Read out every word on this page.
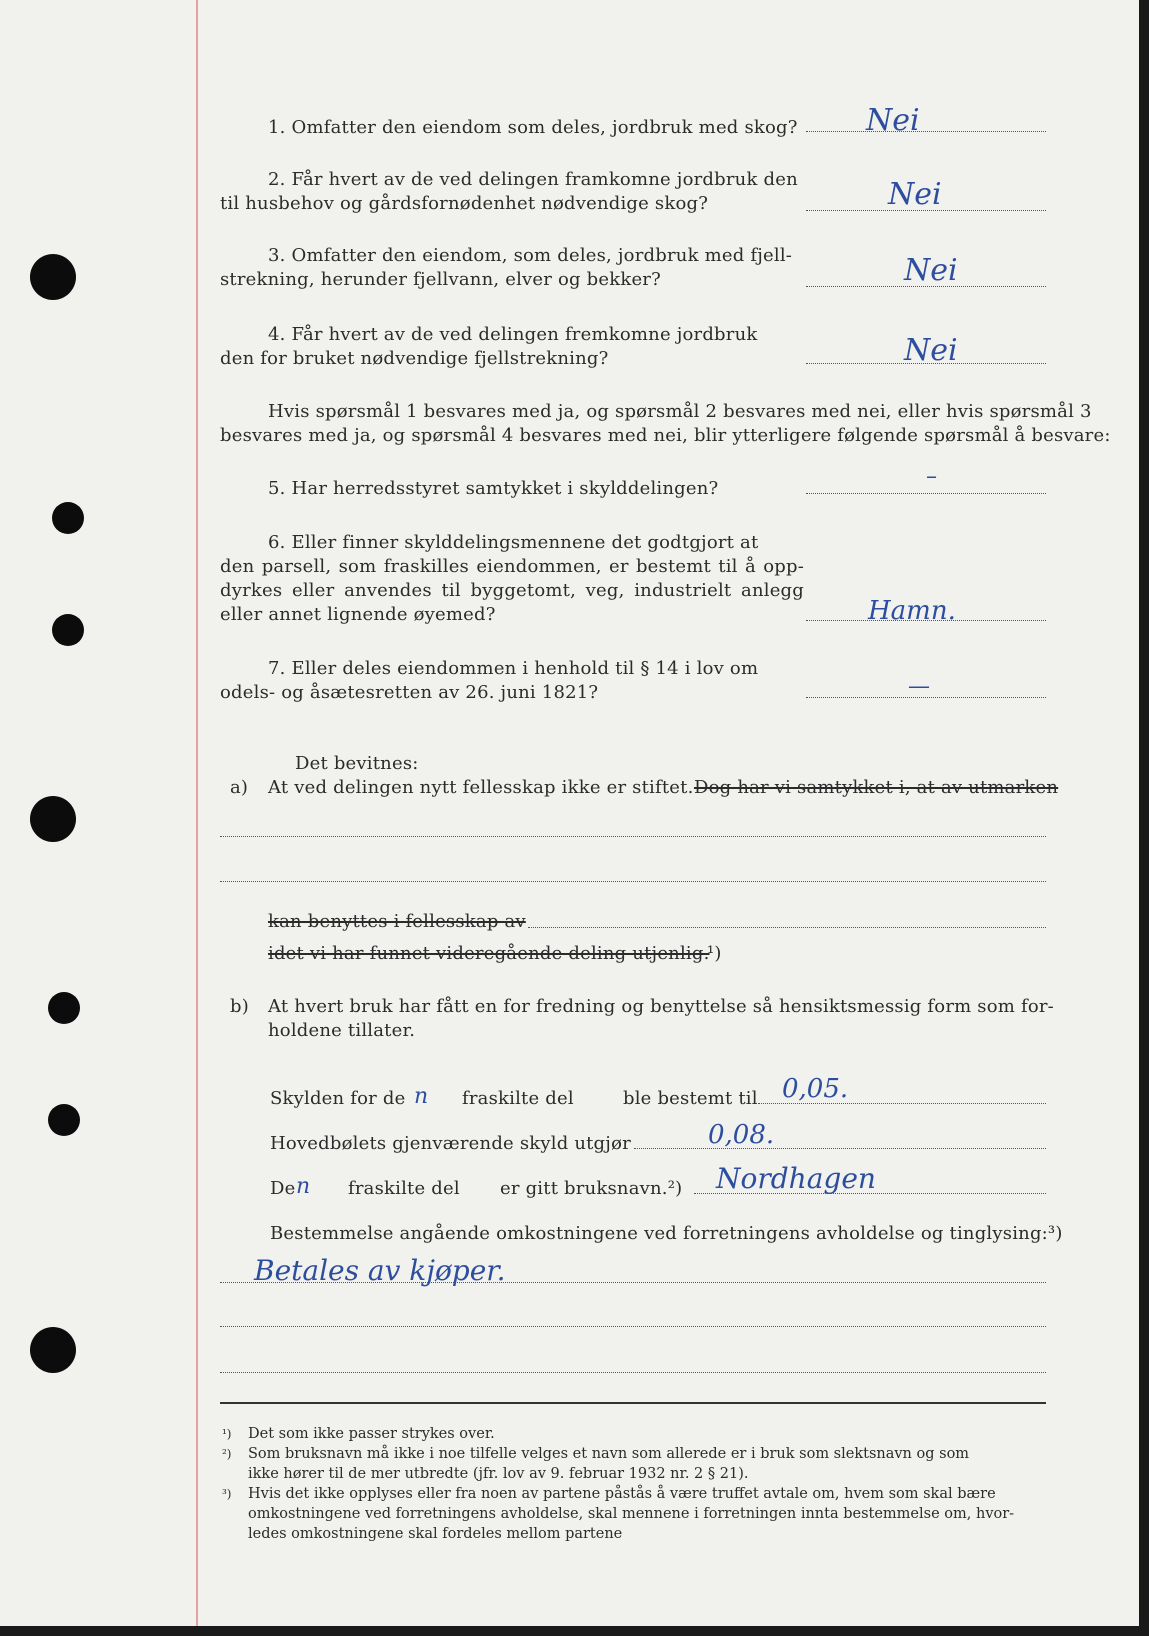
1. Omfatter den eiendom som deles, jordbruk med skog? Nei
2. Får hvert av de ved delingen framkomne jordbruk den
til husbehov og gårdsfornødenhet nødvendige skog?	Nei
3. Omfatter den eiendom, som deles, jordbruk med fjell-
strekning, herunder fjellvann, elver og bekker?	Nei
4. Får hvert av de ved delingen fremkomne jordbruk
den for bruket nødvendige fjellstrekning?	Nei
Hvis spørsmål 1 besvares med ja, og spørsmål 2 besvares med nei, eller hvis spørsmål 3
besvares med ja, og spørsmål 4 besvares med nei, blir ytterligere følgende spørsmål å besvare:
5. Har herredsstyret samtykket i skylddelingen?	–
6. Eller finner skylddelingsmennene det godtgjort at
den parsell, som fraskilles eiendommen, er bestemt til å opp-
dyrkes eller anvendes til byggetomt, veg, industrielt anlegg
eller annet lignende øyemed?	Hamn.
7. Eller deles eiendommen i henhold til § 14 i lov om
odels- og åsætesretten av 26. juni 1821?	—
Det bevitnes:
a) At ved delingen nytt fellesskap ikke er stiftet. Dog har vi samtykket i, at av utmarken
kan benyttes i fellesskap av
idet vi har funnet videregående deling utjenlig.
¹)
b) At hvert bruk har fått en for fredning og benyttelse så hensiktsmessig form som for-
holdene tillater.
Skylden for de n fraskilte del	ble bestemt til 0,05.
Hovedbølets gjenværende skyld utgjør	0,08.
De n fraskilte del er gitt bruksnavn.²) Nordhagen
Bestemmelse angående omkostningene ved forretningens avholdelse og tinglysing:³)
Betales av kjøper.
¹) Det som ikke passer strykes over.
²) Som bruksnavn må ikke i noe tilfelle velges et navn som allerede er i bruk som slektsnavn og som
ikke hører til de mer utbredte (jfr. lov av 9. februar 1932 nr. 2 § 21).
³) Hvis det ikke opplyses eller fra noen av partene påstås å være truffet avtale om, hvem som skal bære
omkostningene ved forretningens avholdelse, skal mennene i forretningen innta bestemmelse om, hvor-
ledes omkostningene skal fordeles mellom partene
